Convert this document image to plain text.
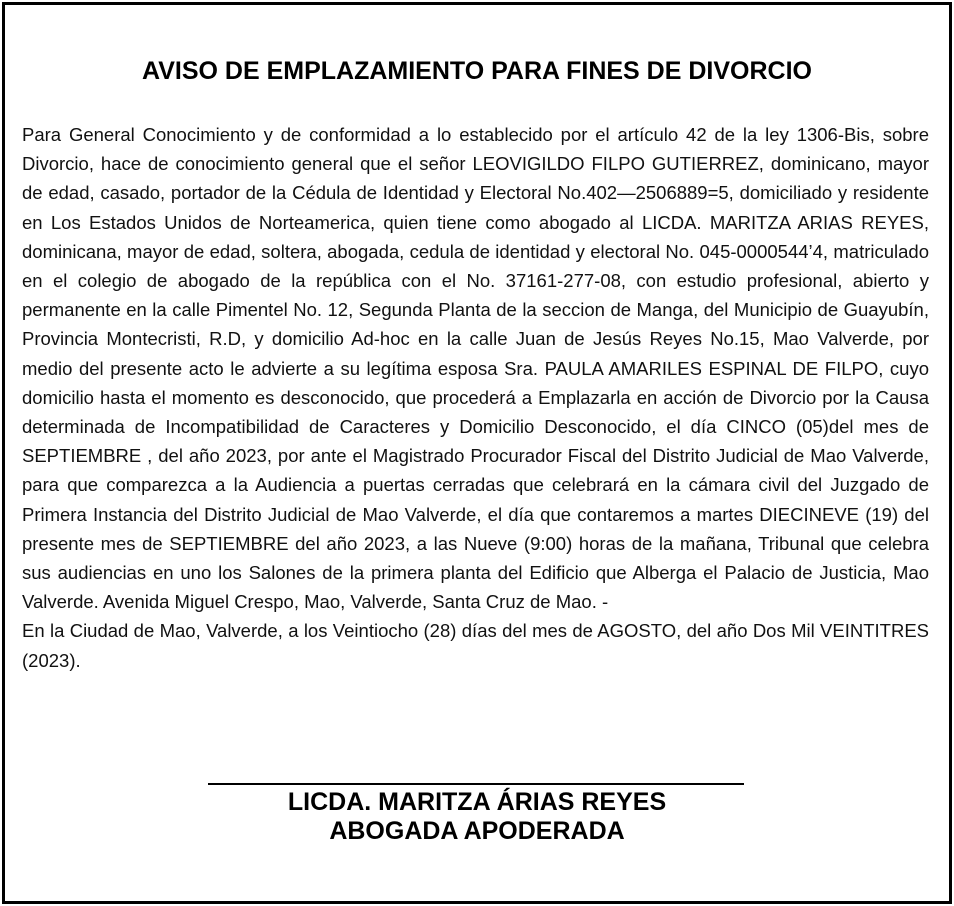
AVISO DE EMPLAZAMIENTO PARA FINES DE DIVORCIO

Para General Conocimiento y de conformidad a lo establecido por el artículo 42 de la ley 1306-Bis, sobre Divorcio, hace de conocimiento general que el señor LEOVIGILDO FILPO GUTIERREZ, dominicano, mayor de edad, casado, portador de la Cédula de Identidad y Electoral No.402—2506889=5, domiciliado y residente en Los Estados Unidos de Norteamerica, quien tiene como abogado al LICDA. MARITZA ARIAS REYES, dominicana, mayor de edad, soltera, abogada, cedula de identidad y electoral No. 045-0000544’4, matriculado en el colegio de abogado de la república con el No. 37161-277-08, con estudio profesional, abierto y permanente en la calle Pimentel No. 12, Segunda Planta de la seccion de Manga, del Municipio de Guayubín, Provincia Montecristi, R.D, y domicilio Ad-hoc en la calle Juan de Jesús Reyes No.15, Mao Valverde, por medio del presente acto le advierte a su legítima esposa Sra. PAULA AMARILES ESPINAL DE FILPO, cuyo domicilio hasta el momento es desconocido, que procederá a Emplazarla en acción de Divorcio por la Causa determinada de Incompatibilidad de Caracteres y Domicilio Desconocido, el día CINCO (05)del mes de SEPTIEMBRE , del año 2023, por ante el Magistrado Procurador Fiscal del Distrito Judicial de Mao Valverde, para que comparezca a la Audiencia a puertas cerradas que celebrará en la cámara civil del Juzgado de Primera Instancia del Distrito Judicial de Mao Valverde, el día que contaremos a martes DIECINEVE (19) del presente mes de SEPTIEMBRE del año 2023, a las Nueve (9:00) horas de la mañana, Tribunal que celebra sus audiencias en uno los Salones de la primera planta del Edificio que Alberga el Palacio de Justicia, Mao Valverde. Avenida Miguel Crespo, Mao, Valverde, Santa Cruz de Mao. -

En la Ciudad de Mao, Valverde, a los Veintiocho (28) días del mes de AGOSTO, del año Dos Mil VEINTITRES (2023).

LICDA. MARITZA ÁRIAS REYES

ABOGADA APODERADA
